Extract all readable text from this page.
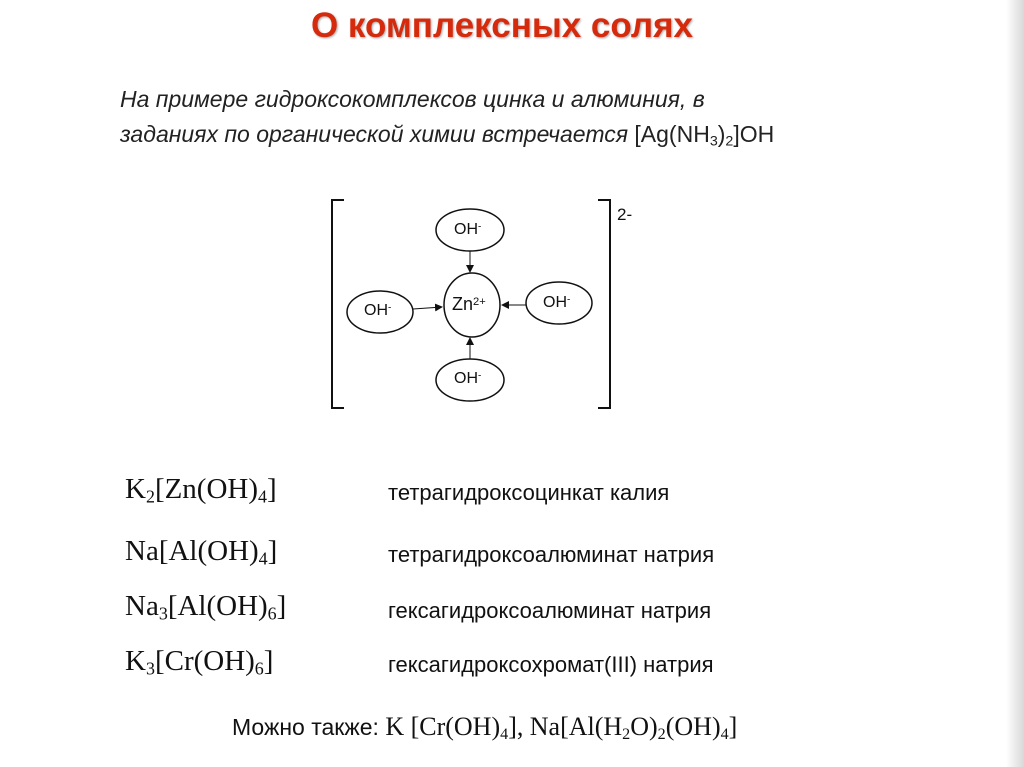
О комплексных солях
На примере гидроксокомплексов цинка и алюминия, в
заданиях по органической химии встречается $[Ag(NH_3)_2]OH$
2-
OH-
OH-	OH-
OH-
$Zn^{2+}$
$K_2[Zn(OH)_4]$	тетрагидроксоцинкат калия
$Na[Al(OH)_4]$	тетрагидроксоалюминат натрия
$Na_3[Al(OH)_6]$	гексагидроксоалюминат натрия
$K_3[Cr(OH)_6]$	гексагидроксохромат(III) натрия
Можно также: K $[Cr(OH)_4]$, $Na[Al(H_2O)_2(OH)_4]$
